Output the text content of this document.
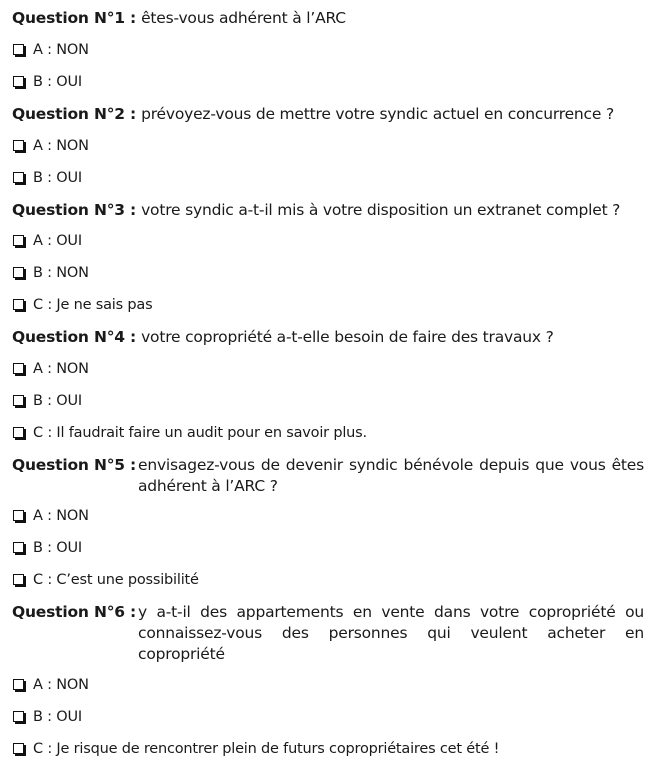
Question N°1 : êtes-vous adhérent à l’ARC
A : NON
B : OUI
Question N°2 : prévoyez-vous de mettre votre syndic actuel en concurrence ?
A : NON
B : OUI
Question N°3 : votre syndic a-t-il mis à votre disposition un extranet complet ?
A : OUI
B : NON
C : Je ne sais pas
Question N°4 : votre copropriété a-t-elle besoin de faire des travaux ?
A : NON
B : OUI
C : Il faudrait faire un audit pour en savoir plus.
Question N°5 : envisagez-vous de devenir syndic bénévole depuis que vous êtes adhérent à l’ARC ?
A : NON
B : OUI
C : C’est une possibilité
Question N°6 : y a-t-il des appartements en vente dans votre copropriété ou connaissez-vous des personnes qui veulent acheter en copropriété
A : NON
B : OUI
C : Je risque de rencontrer plein de futurs copropriétaires cet été !
